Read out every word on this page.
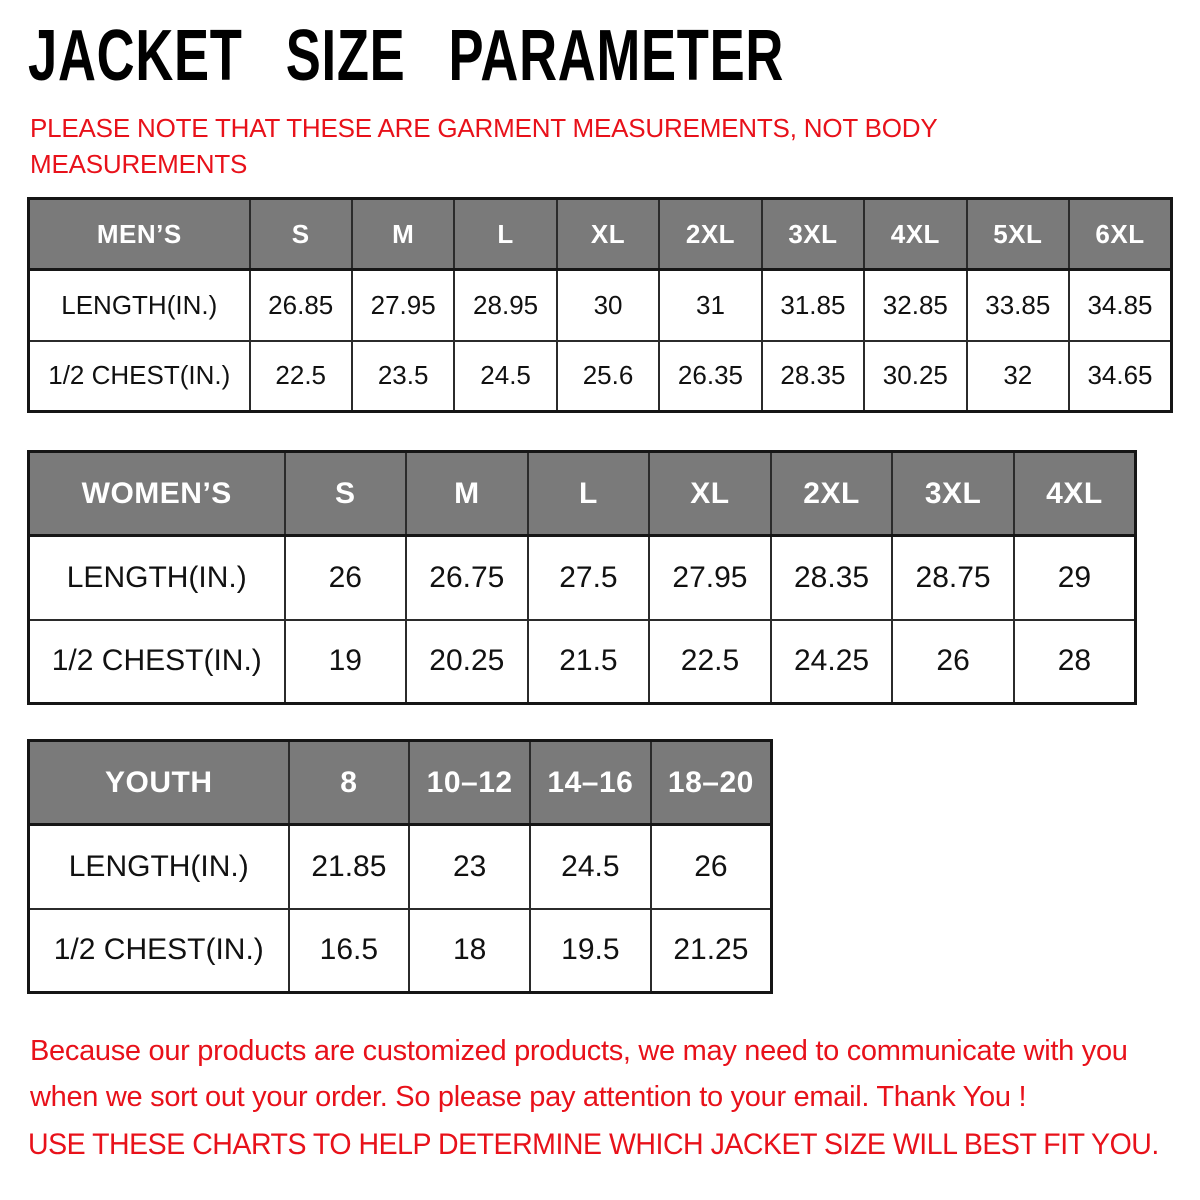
JACKET SIZE PARAMETER
PLEASE NOTE THAT THESE ARE GARMENT MEASUREMENTS, NOT BODY
MEASUREMENTS
MEN’S	S	M	L	XL	2XL	3XL	4XL	5XL	6XL
LENGTH(IN.)	26.85	27.95	28.95	30	31	31.85	32.85	33.85	34.85
1/2 CHEST(IN.)	22.5	23.5	24.5	25.6	26.35	28.35	30.25	32	34.65
WOMEN’S	S	M	L	XL	2XL	3XL	4XL
LENGTH(IN.)	26	26.75	27.5	27.95	28.35	28.75	29
1/2 CHEST(IN.)	19	20.25	21.5	22.5	24.25	26	28
YOUTH	8	10–12	14–16	18–20
LENGTH(IN.)	21.85	23	24.5	26
1/2 CHEST(IN.)	16.5	18	19.5	21.25
Because our products are customized products, we may need to communicate with you
when we sort out your order. So please pay attention to your email. Thank You !
USE THESE CHARTS TO HELP DETERMINE WHICH JACKET SIZE WILL BEST FIT YOU.
